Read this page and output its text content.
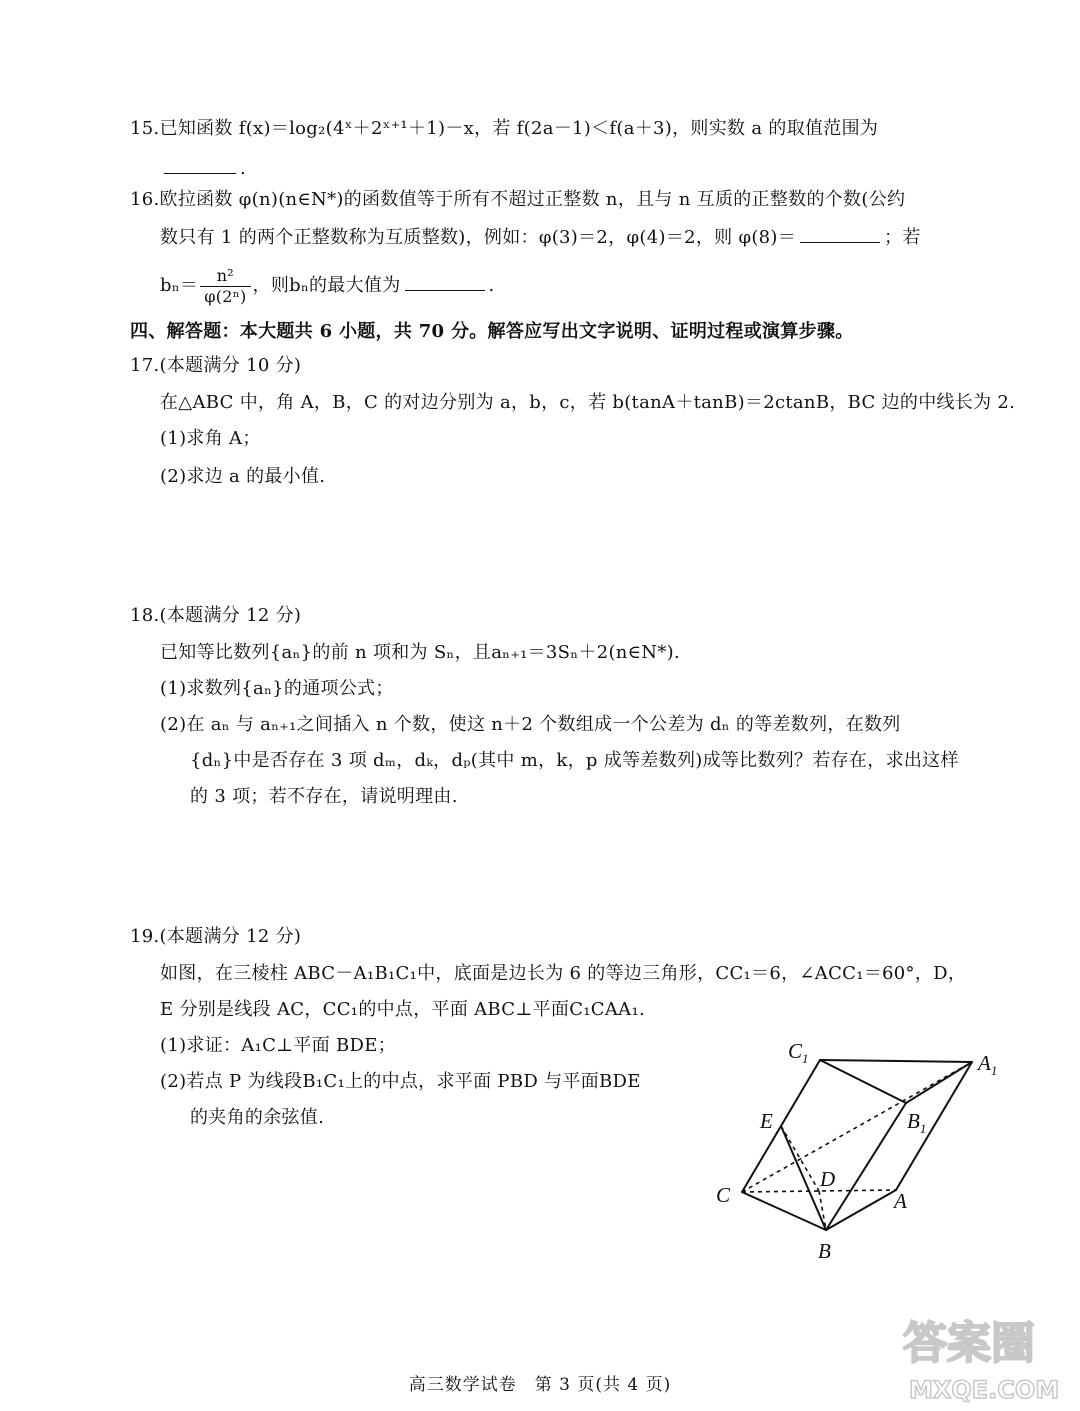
15.已知函数 f(x)＝log₂(4ˣ＋2ˣ⁺¹＋1)－x，若 f(2a－1)＜f(a＋3)，则实数 a 的取值范围为
.
16.欧拉函数 φ(n)(n∈N*)的函数值等于所有不超过正整数 n，且与 n 互质的正整数的个数(公约
数只有 1 的两个正整数称为互质整数)，例如：φ(3)＝2，φ(4)＝2，则 φ(8)＝	；若
$b_n= \frac{\text{n²}}{\text{φ(2ⁿ)}}$ ，则bₙ的最大值为	.
四、解答题：本大题共 6 小题，共 70 分。解答应写出文字说明、证明过程或演算步骤。
17.(本题满分 10 分)
在△ABC 中，角 A，B，C 的对边分别为 a，b，c，若 b(tanA＋tanB)＝2ctanB，BC 边的中线长为 2.
(1)求角 A；
(2)求边 a 的最小值.
18.(本题满分 12 分)
已知等比数列{aₙ}的前 n 项和为 Sₙ，且aₙ₊₁＝3Sₙ＋2(n∈N*).
(1)求数列{aₙ}的通项公式；
(2)在 aₙ 与 aₙ₊₁之间插入 n 个数，使这 n＋2 个数组成一个公差为 dₙ 的等差数列，在数列
{dₙ}中是否存在 3 项 dₘ，dₖ，dₚ(其中 m，k，p 成等差数列)成等比数列？若存在，求出这样
的 3 项；若不存在，请说明理由.
19.(本题满分 12 分)
如图，在三棱柱 ABC－A₁B₁C₁中，底面是边长为 6 的等边三角形，CC₁＝6，∠ACC₁＝60°，D，
E 分别是线段 AC，CC₁的中点，平面 ABC⊥平面C₁CAA₁.
(1)求证：A₁C⊥平面 BDE；
(2)若点 P 为线段B₁C₁上的中点，求平面 PBD 与平面BDE
的夹角的余弦值.
$C_1$	$A_1$
$B_1$
E
C
D
A
B
高三数学试卷　第 3 页(共 4 页)
答案圈
MXQE.COM
